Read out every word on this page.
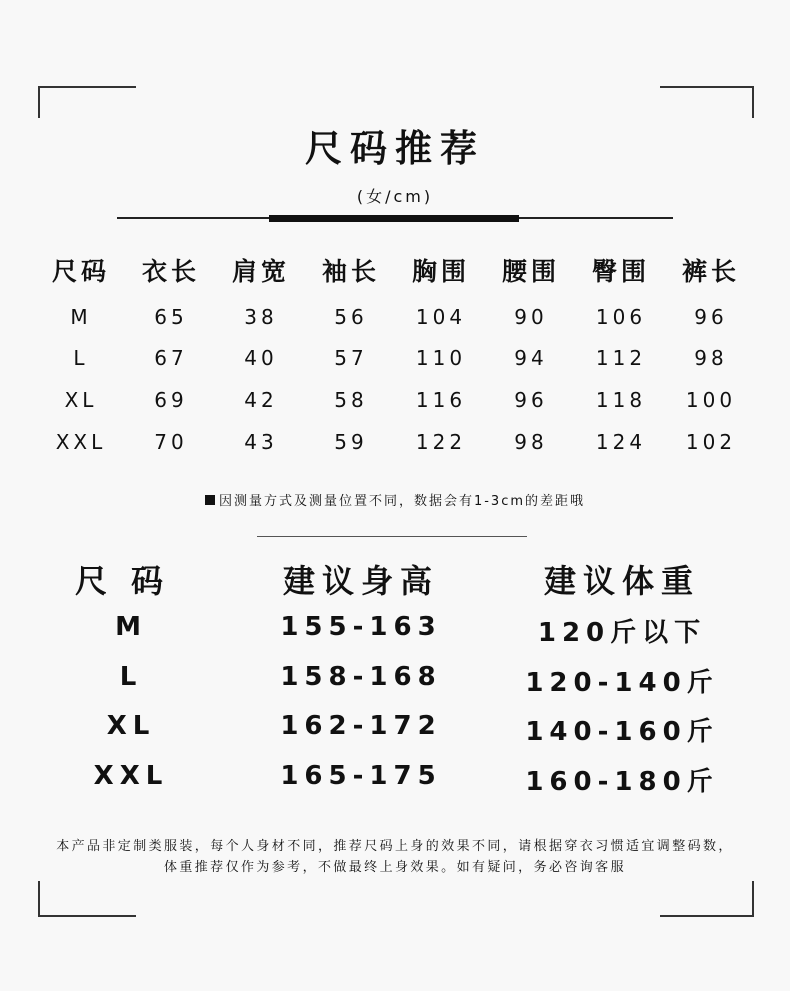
尺码推荐
(女/cm)
尺码	衣长	肩宽	袖长	胸围	腰围	臀围	裤长
M	65	38	56	104	90	106	96
L	67	40	57	110	94	112	98
XL	69	42	58	116	96	118	100
XXL	70	43	59	122	98	124	102
因测量方式及测量位置不同，数据会有1-3cm的差距哦
尺码	建议身高	建议体重
M	155-163	120斤以下
L	158-168	120-140斤
XL	162-172	140-160斤
XXL	165-175	160-180斤
本产品非定制类服装，每个人身材不同，推荐尺码上身的效果不同，请根据穿衣习惯适宜调整码数，
体重推荐仅作为参考，不做最终上身效果。如有疑问，务必咨询客服
